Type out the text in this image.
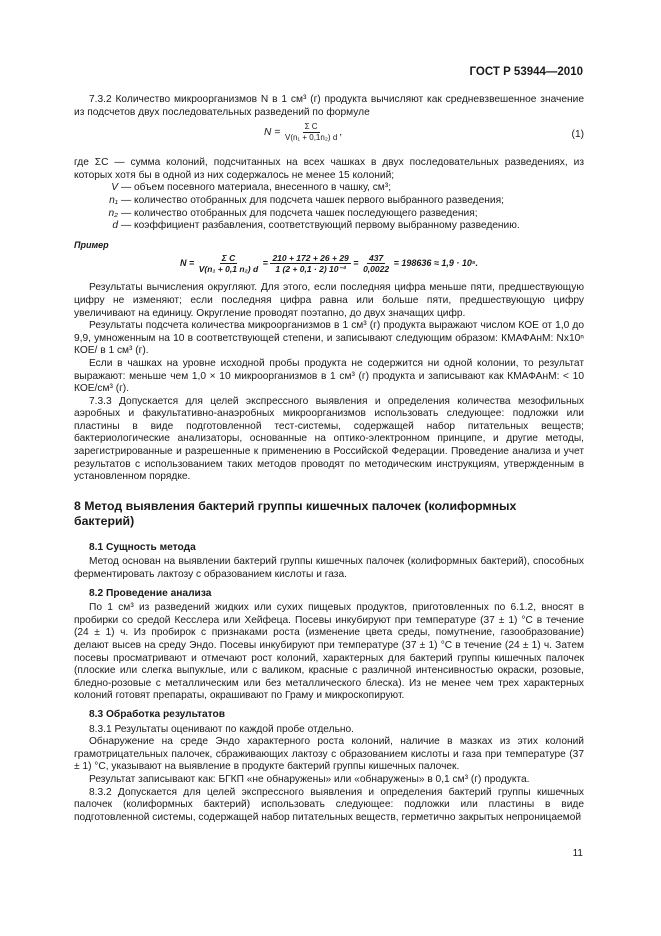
ГОСТ Р 53944—2010

7.3.2 Количество микроорганизмов N в 1 см³ (г) продукта вычисляют как средневзвешенное значение из подсчетов двух последовательных разведений по формуле

$N = \frac{\text{Σ C}}{\text{V(n₁ + 0,1n₂) d}}$ ,	(1)

где ΣC — сумма колоний, подсчитанных на всех чашках в двух последовательных разведениях, из которых хотя бы в одной из них содержалось не менее 15 колоний;

V — объем посевного материала, внесенного в чашку, см³;
n₁ — количество отобранных для подсчета чашек первого выбранного разведения;
n₂ — количество отобранных для подсчета чашек последующего разведения;
d — коэффициент разбавления, соответствующий первому выбранному разведению.
Пример
$N = \frac{\text{Σ C}}{\text{V(n₁ + 0,1 n₂) d}} = \frac{210 + 172 + 26 + 29}{\text{1 (2 + 0,1 · 2) 10⁻³}} = \frac{437}{0,0022} = 198636 \approx 1,9 \cdot 10^5$.

Результаты вычисления округляют. Для этого, если последняя цифра меньше пяти, предшествующую цифру не изменяют; если последняя цифра равна или больше пяти, предшествующую цифру увеличивают на единицу. Округление проводят поэтапно, до двух значащих цифр.

Результаты подсчета количества микроорганизмов в 1 см³ (г) продукта выражают числом КОЕ от 1,0 до 9,9, умноженным на 10 в соответствующей степени, и записывают следующим образом: КМАФАнМ: Nx10ⁿ КОЕ/ в 1 см³ (г).

Если в чашках на уровне исходной пробы продукта не содержится ни одной колонии, то результат выражают: меньше чем 1,0 × 10 микроорганизмов в 1 см³ (г) продукта и записывают как КМАФАнМ: < 10 КОЕ/см³ (г).

7.3.3 Допускается для целей экспрессного выявления и определения количества мезофильных аэробных и факультативно-анаэробных микроорганизмов использовать следующее: подложки или пластины в виде подготовленной тест-системы, содержащей набор питательных веществ; бактериологические анализаторы, основанные на оптико-электронном принципе, и другие методы, зарегистрированные и разрешенные к применению в Российской Федерации. Проведение анализа и учет результатов с использованием таких методов проводят по методическим инструкциям, утвержденным в установленном порядке.

8 Метод выявления бактерий группы кишечных палочек (колиформных бактерий)
8.1 Сущность метода

Метод основан на выявлении бактерий группы кишечных палочек (колиформных бактерий), способных ферментировать лактозу с образованием кислоты и газа.

8.2 Проведение анализа

По 1 см³ из разведений жидких или сухих пищевых продуктов, приготовленных по 6.1.2, вносят в пробирки со средой Кесслера или Хейфеца. Посевы инкубируют при температуре (37 ± 1) °С в течение (24 ± 1) ч. Из пробирок с признаками роста (изменение цвета среды, помутнение, газообразование) делают высев на среду Эндо. Посевы инкубируют при температуре (37 ± 1) °С в течение (24 ± 1) ч. Затем посевы просматривают и отмечают рост колоний, характерных для бактерий группы кишечных палочек (плоские или слегка выпуклые, или с валиком, красные с различной интенсивностью окраски, розовые, бледно-розовые с металлическим или без металлического блеска). Из не менее чем трех характерных колоний готовят препараты, окрашивают по Граму и микроскопируют.

8.3 Обработка результатов

8.3.1 Результаты оценивают по каждой пробе отдельно.

Обнаружение на среде Эндо характерного роста колоний, наличие в мазках из этих колоний грамотрицательных палочек, сбраживающих лактозу с образованием кислоты и газа при температуре (37 ± 1) °С, указывают на выявление в продукте бактерий группы кишечных палочек.

Результат записывают как: БГКП «не обнаружены» или «обнаружены» в 0,1 см³ (г) продукта.

8.3.2 Допускается для целей экспрессного выявления и определения бактерий группы кишечных палочек (колиформных бактерий) использовать следующее: подложки или пластины в виде подготовленной системы, содержащей набор питательных веществ, герметично закрытых непроницаемой

11
